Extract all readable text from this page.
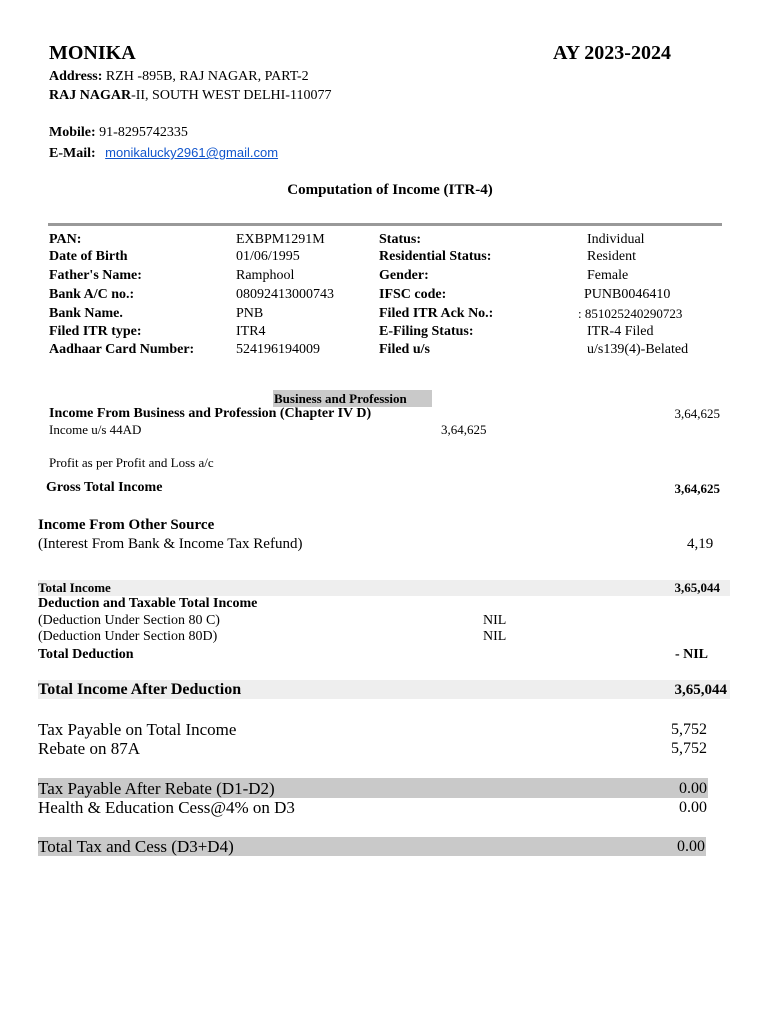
MONIKA	AY 2023-2024
Address: RZH -895B, RAJ NAGAR, PART-2
RAJ NAGAR-II, SOUTH WEST DELHI-110077
Mobile: 91-8295742335
E-Mail: monikalucky2961@gmail.com
Computation of Income (ITR-4)
PAN:	EXBPM1291M	Status:	Individual
Date of Birth	01/06/1995	Residential Status:	Resident
Father's Name:	Ramphool	Gender:	Female
Bank A/C no.:	08092413000743	IFSC code:	PUNB0046410
Bank Name.	PNB	Filed ITR Ack No.:	: 851025240290723
Filed ITR type:	ITR4	E-Filing Status:	ITR-4 Filed
Aadhaar Card Number:	524196194009	Filed u/s	u/s139(4)-Belated
Business and Profession
Income From Business and Profession (Chapter IV D)	3,64,625
Income u/s 44AD	3,64,625
Profit as per Profit and Loss a/c
Gross Total Income	3,64,625
Income From Other Source
(Interest From Bank & Income Tax Refund)	4,19
Total Income	3,65,044
Deduction and Taxable Total Income
(Deduction Under Section 80 C)	NIL
(Deduction Under Section 80D)	NIL
Total Deduction	- NIL
Total Income After Deduction	3,65,044
Tax Payable on Total Income	5,752
Rebate on 87A	5,752
Tax Payable After Rebate (D1-D2)	0.00
Health & Education Cess@4% on D3	0.00
Total Tax and Cess (D3+D4)	0.00
